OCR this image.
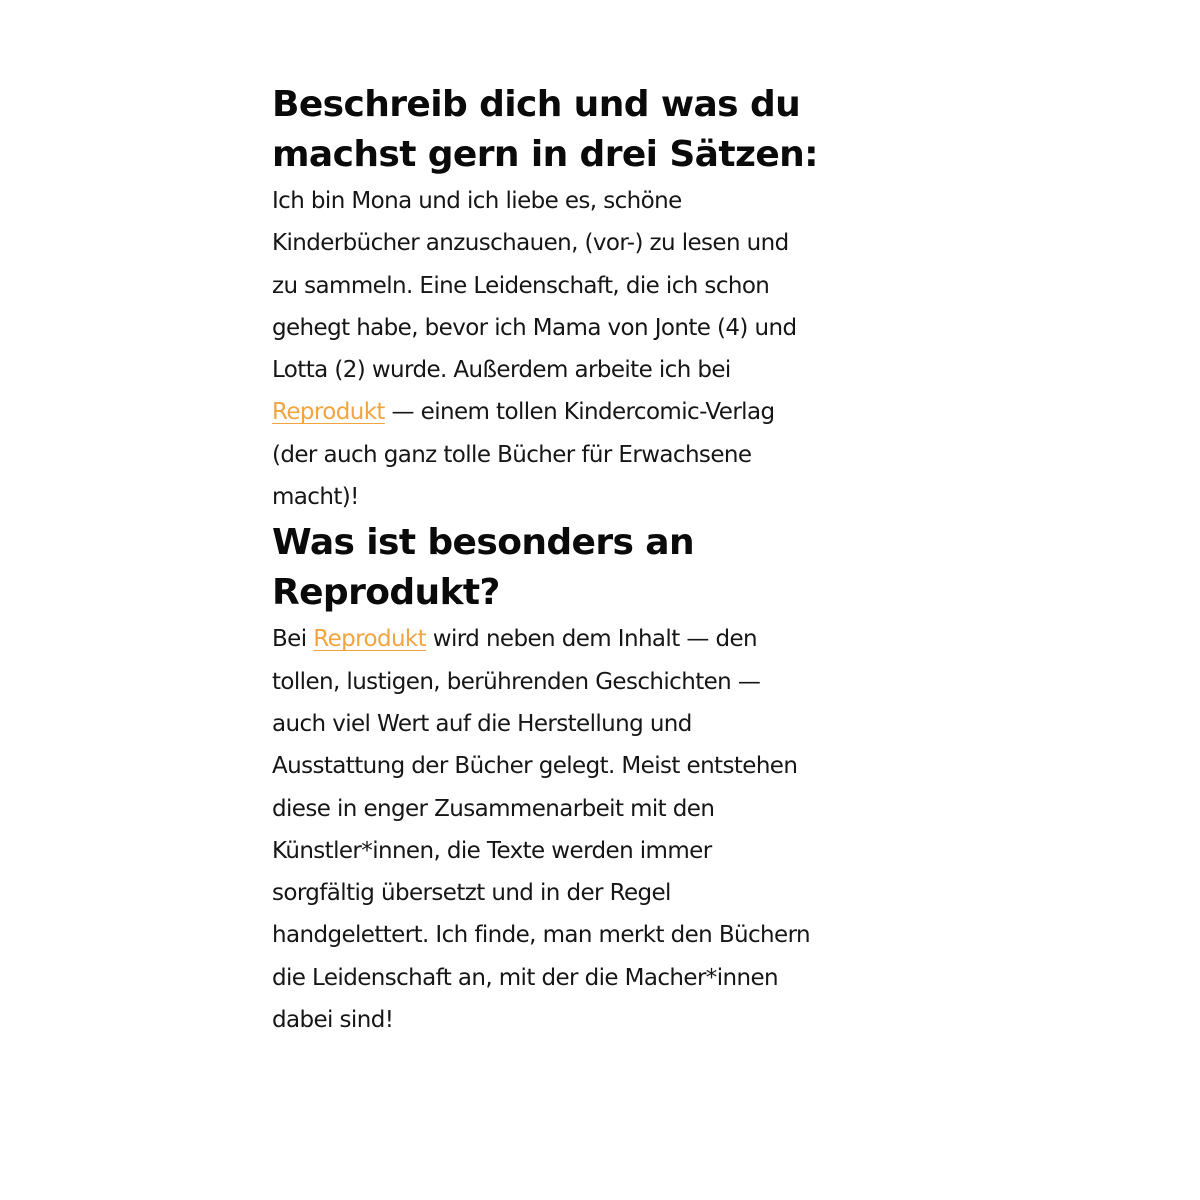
Beschreib dich und was du
machst gern in drei Sätzen:

Ich bin Mona und ich liebe es, schöne
Kinderbücher anzuschauen, (vor-) zu lesen und
zu sammeln. Eine Leidenschaft, die ich schon
gehegt habe, bevor ich Mama von Jonte (4) und
Lotta (2) wurde. Außerdem arbeite ich bei
Reprodukt — einem tollen Kindercomic-Verlag
(der auch ganz tolle Bücher für Erwachsene
macht)!

Was ist besonders an
Reprodukt?

Bei Reprodukt wird neben dem Inhalt — den
tollen, lustigen, berührenden Geschichten —
auch viel Wert auf die Herstellung und
Ausstattung der Bücher gelegt. Meist entstehen
diese in enger Zusammenarbeit mit den
Künstler*innen, die Texte werden immer
sorgfältig übersetzt und in der Regel
handgelettert. Ich finde, man merkt den Büchern
die Leidenschaft an, mit der die Macher*innen
dabei sind!
